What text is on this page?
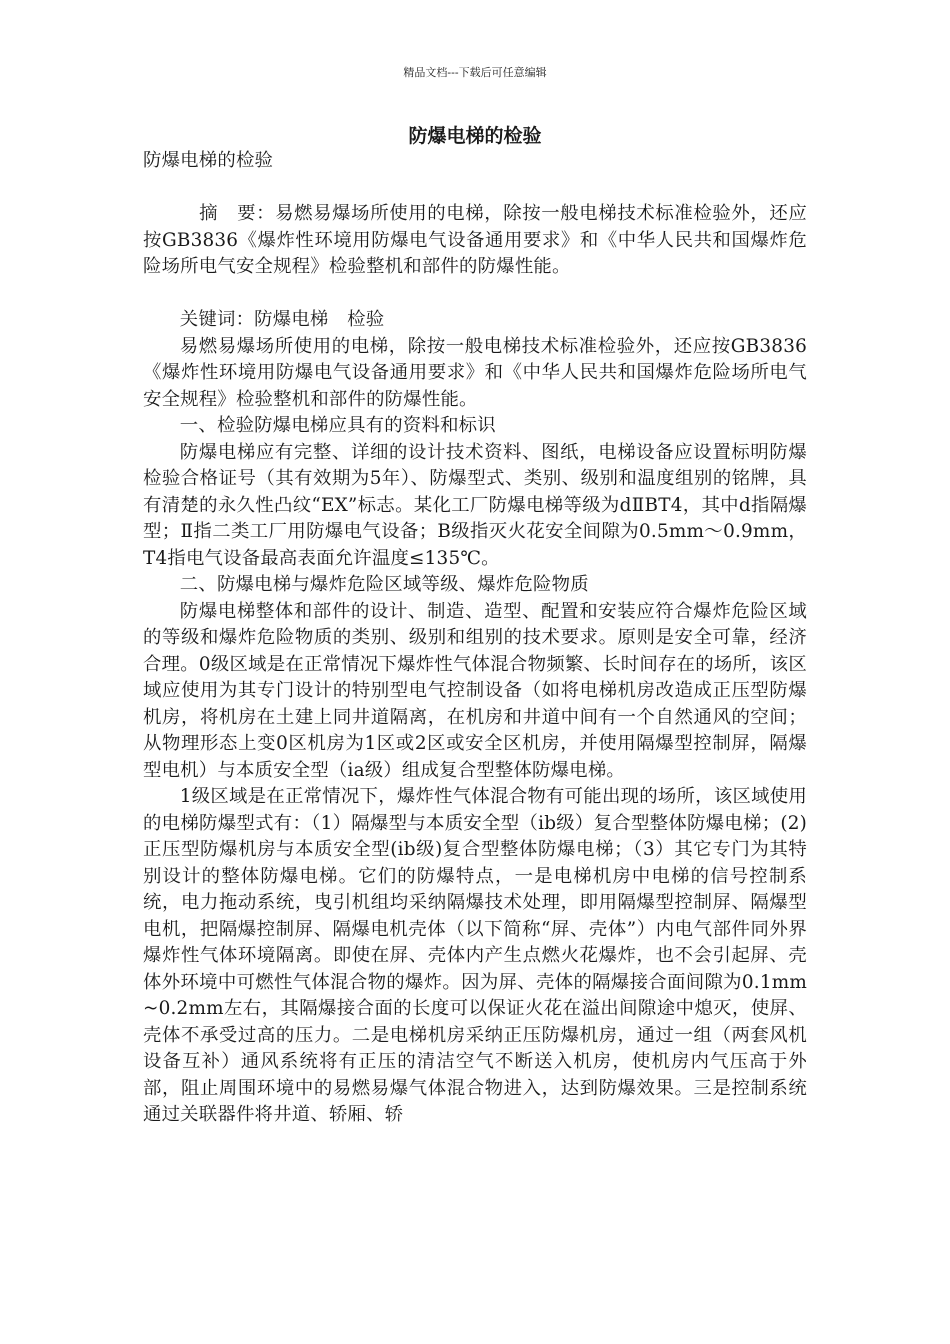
精品文档---下载后可任意编辑
防爆电梯的检验

防爆电梯的检验

摘　要：易燃易爆场所使用的电梯，除按一般电梯技术标准检验外，还应按GB3836《爆炸性环境用防爆电气设备通用要求》和《中华人民共和国爆炸危险场所电气安全规程》检验整机和部件的防爆性能。

关键词：防爆电梯　检验

易燃易爆场所使用的电梯，除按一般电梯技术标准检验外，还应按GB3836《爆炸性环境用防爆电气设备通用要求》和《中华人民共和国爆炸危险场所电气安全规程》检验整机和部件的防爆性能。

一、检验防爆电梯应具有的资料和标识

防爆电梯应有完整、详细的设计技术资料、图纸，电梯设备应设置标明防爆检验合格证号（其有效期为5年）、防爆型式、类别、级别和温度组别的铭牌，具有清楚的永久性凸纹“EX”标志。某化工厂防爆电梯等级为dⅡBT4，其中d指隔爆型；Ⅱ指二类工厂用防爆电气设备；B级指灭火花安全间隙为0.5mm～0.9mm，T4指电气设备最高表面允许温度≤135℃。

二、防爆电梯与爆炸危险区域等级、爆炸危险物质

防爆电梯整体和部件的设计、制造、造型、配置和安装应符合爆炸危险区域的等级和爆炸危险物质的类别、级别和组别的技术要求。原则是安全可靠，经济合理。0级区域是在正常情况下爆炸性气体混合物频繁、长时间存在的场所，该区域应使用为其专门设计的特别型电气控制设备（如将电梯机房改造成正压型防爆机房，将机房在土建上同井道隔离，在机房和井道中间有一个自然通风的空间；从物理形态上变0区机房为1区或2区或安全区机房，并使用隔爆型控制屏，隔爆型电机）与本质安全型（ia级）组成复合型整体防爆电梯。

1级区域是在正常情况下，爆炸性气体混合物有可能出现的场所，该区域使用的电梯防爆型式有：（1）隔爆型与本质安全型（ib级）复合型整体防爆电梯；(2)正压型防爆机房与本质安全型(ib级)复合型整体防爆电梯；（3）其它专门为其特别设计的整体防爆电梯。它们的防爆特点，一是电梯机房中电梯的信号控制系统，电力拖动系统，曳引机组均采纳隔爆技术处理，即用隔爆型控制屏、隔爆型电机，把隔爆控制屏、隔爆电机壳体（以下简称“屏、壳体”）内电气部件同外界爆炸性气体环境隔离。即使在屏、壳体内产生点燃火花爆炸，也不会引起屏、壳体外环境中可燃性气体混合物的爆炸。因为屏、壳体的隔爆接合面间隙为0.1mm~0.2mm左右，其隔爆接合面的长度可以保证火花在溢出间隙途中熄灭，使屏、壳体不承受过高的压力。二是电梯机房采纳正压防爆机房，通过一组（两套风机设备互补）通风系统将有正压的清洁空气不断送入机房，使机房内气压高于外部，阻止周围环境中的易燃易爆气体混合物进入，达到防爆效果。三是控制系统通过关联器件将井道、轿厢、轿
